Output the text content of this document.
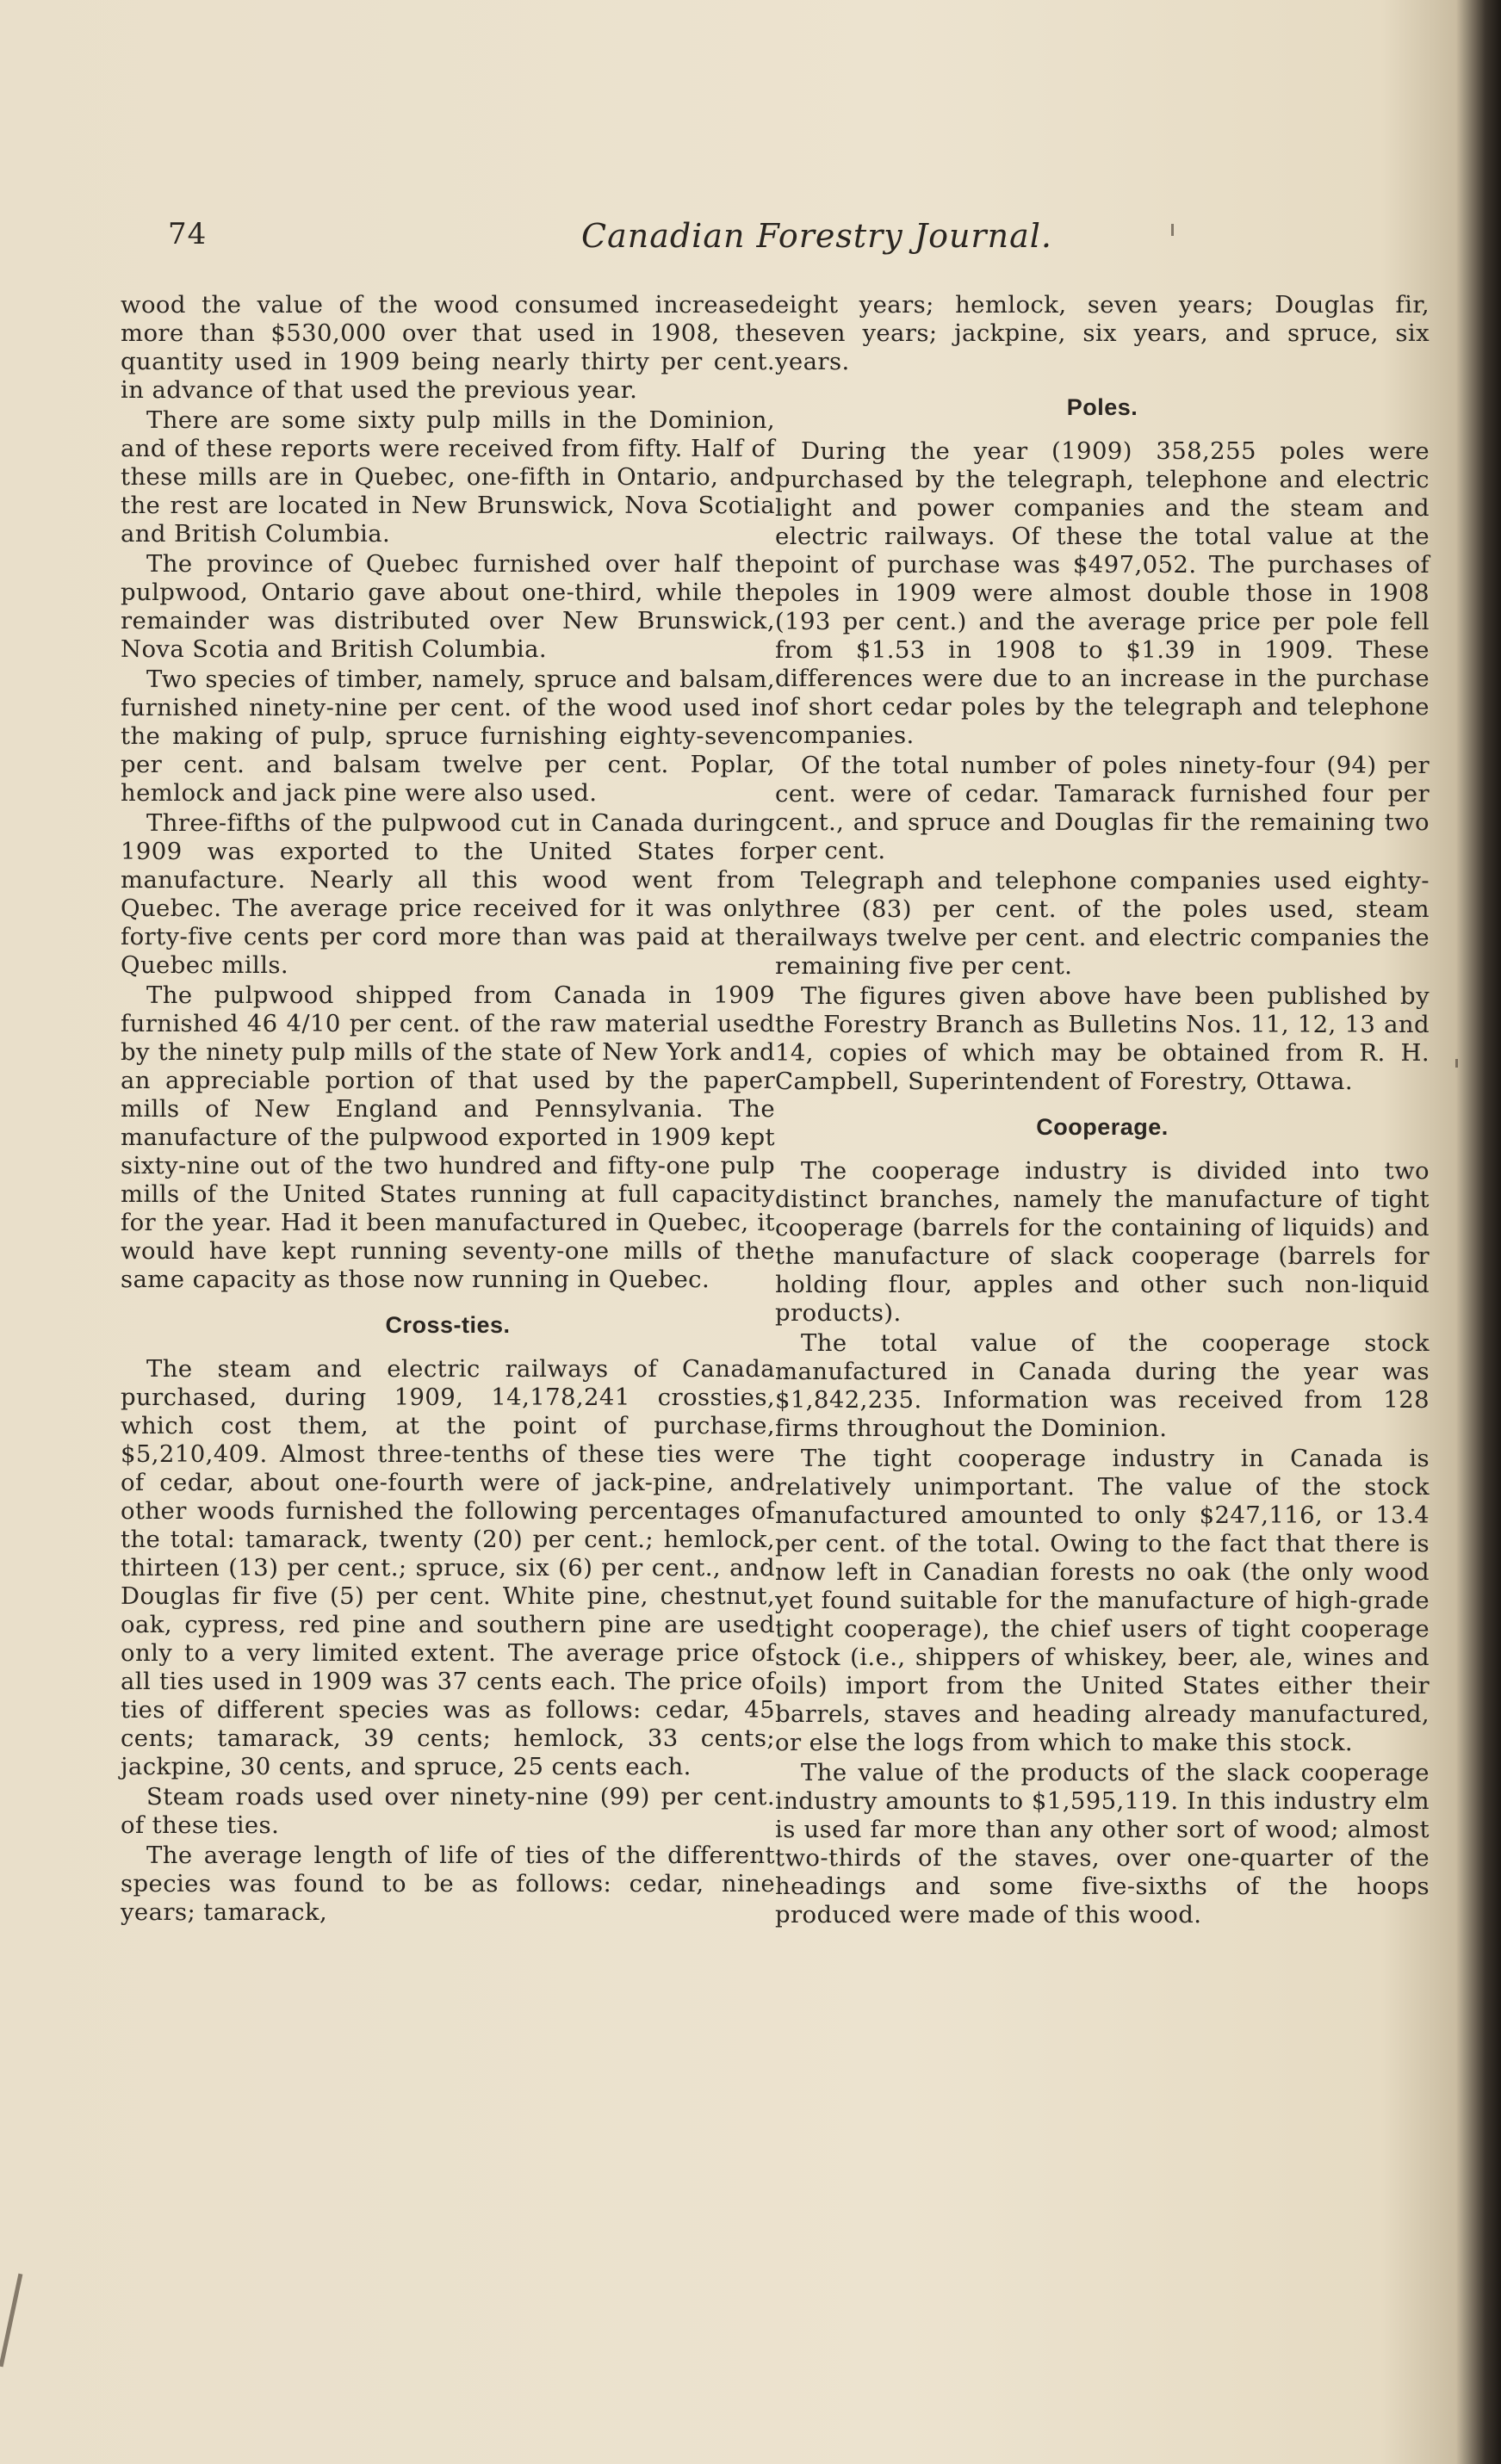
74	Canadian Forestry Journal.

wood the value of the wood consumed increased more than $530,000 over that used in 1908, the quantity used in 1909 being nearly thirty per cent. in advance of that used the previous year.

There are some sixty pulp mills in the Dominion, and of these reports were received from fifty. Half of these mills are in Quebec, one-fifth in Ontario, and the rest are located in New Brunswick, Nova Scotia and British Columbia.

The province of Quebec furnished over half the pulpwood, Ontario gave about one-third, while the remainder was distributed over New Brunswick, Nova Scotia and British Columbia.

Two species of timber, namely, spruce and balsam, furnished ninety-nine per cent. of the wood used in the making of pulp, spruce furnishing eighty-seven per cent. and balsam twelve per cent. Poplar, hemlock and jack pine were also used.

Three-fifths of the pulpwood cut in Canada during 1909 was exported to the United States for manufacture. Nearly all this wood went from Quebec. The average price received for it was only forty-five cents per cord more than was paid at the Quebec mills.

The pulpwood shipped from Canada in 1909 furnished 46 4/10 per cent. of the raw material used by the ninety pulp mills of the state of New York and an appreciable portion of that used by the paper mills of New England and Pennsylvania. The manufacture of the pulpwood exported in 1909 kept sixty-nine out of the two hundred and fifty-one pulp mills of the United States running at full capacity for the year. Had it been manufactured in Quebec, it would have kept running seventy-one mills of the same capacity as those now running in Quebec.

Cross-ties.

The steam and electric railways of Canada purchased, during 1909, 14,178,241 crossties, which cost them, at the point of purchase, $5,210,409. Almost three-tenths of these ties were of cedar, about one-fourth were of jack-pine, and other woods furnished the following percentages of the total: tamarack, twenty (20) per cent.; hemlock, thirteen (13) per cent.; spruce, six (6) per cent., and Douglas fir five (5) per cent. White pine, chestnut, oak, cypress, red pine and southern pine are used only to a very limited extent. The average price of all ties used in 1909 was 37 cents each. The price of ties of different species was as follows: cedar, 45 cents; tamarack, 39 cents; hemlock, 33 cents; jackpine, 30 cents, and spruce, 25 cents each.

Steam roads used over ninety-nine (99) per cent. of these ties.

The average length of life of ties of the different species was found to be as follows: cedar, nine years; tamarack,

eight years; hemlock, seven years; Douglas fir, seven years; jackpine, six years, and spruce, six years.

Poles.

During the year (1909) 358,255 poles were purchased by the telegraph, telephone and electric light and power companies and the steam and electric railways. Of these the total value at the point of purchase was $497,052. The purchases of poles in 1909 were almost double those in 1908 (193 per cent.) and the average price per pole fell from $1.53 in 1908 to $1.39 in 1909. These differences were due to an increase in the purchase of short cedar poles by the telegraph and telephone companies.

Of the total number of poles ninety-four (94) per cent. were of cedar. Tamarack furnished four per cent., and spruce and Douglas fir the remaining two per cent.

Telegraph and telephone companies used eighty-three (83) per cent. of the poles used, steam railways twelve per cent. and electric companies the remaining five per cent.

The figures given above have been published by the Forestry Branch as Bulletins Nos. 11, 12, 13 and 14, copies of which may be obtained from R. H. Campbell, Superintendent of Forestry, Ottawa.

Cooperage.

The cooperage industry is divided into two distinct branches, namely the manufacture of tight cooperage (barrels for the containing of liquids) and the manufacture of slack cooperage (barrels for holding flour, apples and other such non-liquid products).

The total value of the cooperage stock manufactured in Canada during the year was $1,842,235. Information was received from 128 firms throughout the Dominion.

The tight cooperage industry in Canada is relatively unimportant. The value of the stock manufactured amounted to only $247,116, or 13.4 per cent. of the total. Owing to the fact that there is now left in Canadian forests no oak (the only wood yet found suitable for the manufacture of high-grade tight cooperage), the chief users of tight cooperage stock (i.e., shippers of whiskey, beer, ale, wines and oils) import from the United States either their barrels, staves and heading already manufactured, or else the logs from which to make this stock.

The value of the products of the slack cooperage industry amounts to $1,595,119. In this industry elm is used far more than any other sort of wood; almost two-thirds of the staves, over one-quarter of the headings and some five-sixths of the hoops produced were made of this wood.
